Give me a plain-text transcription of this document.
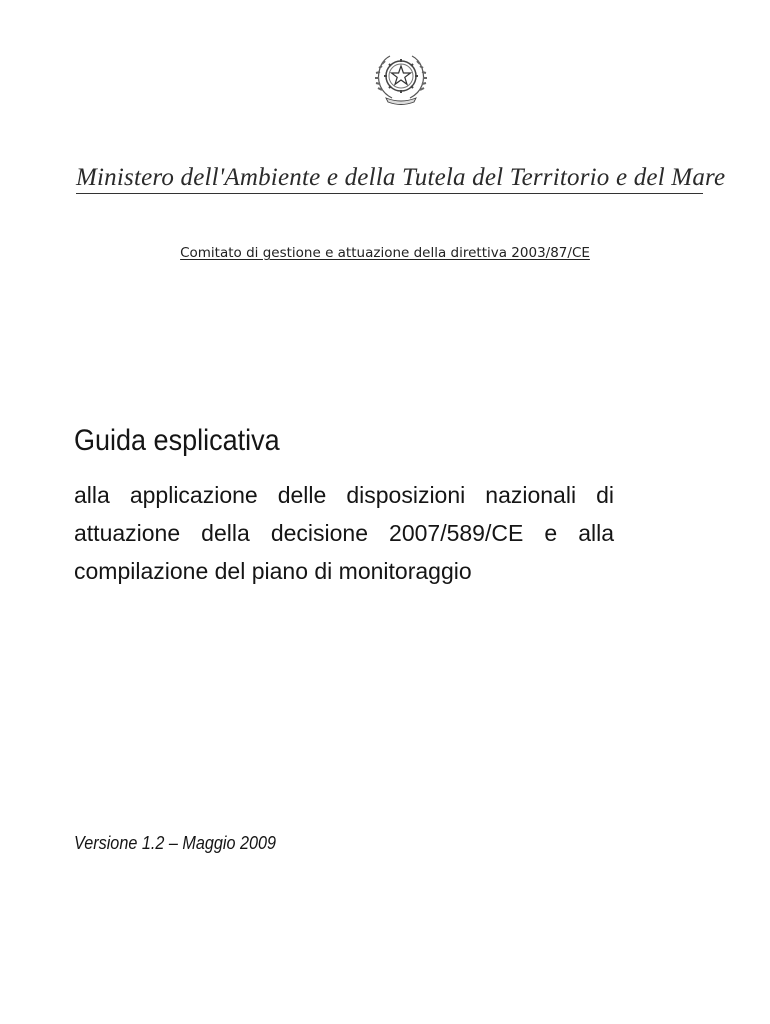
Ministero dell'Ambiente e della Tutela del Territorio e del Mare
Comitato di gestione e attuazione della direttiva 2003/87/CE
Guida esplicativa
alla applicazione delle disposizioni nazionali di attuazione della decisione 2007/589/CE e alla compilazione del piano di monitoraggio
Versione 1.2 – Maggio 2009
